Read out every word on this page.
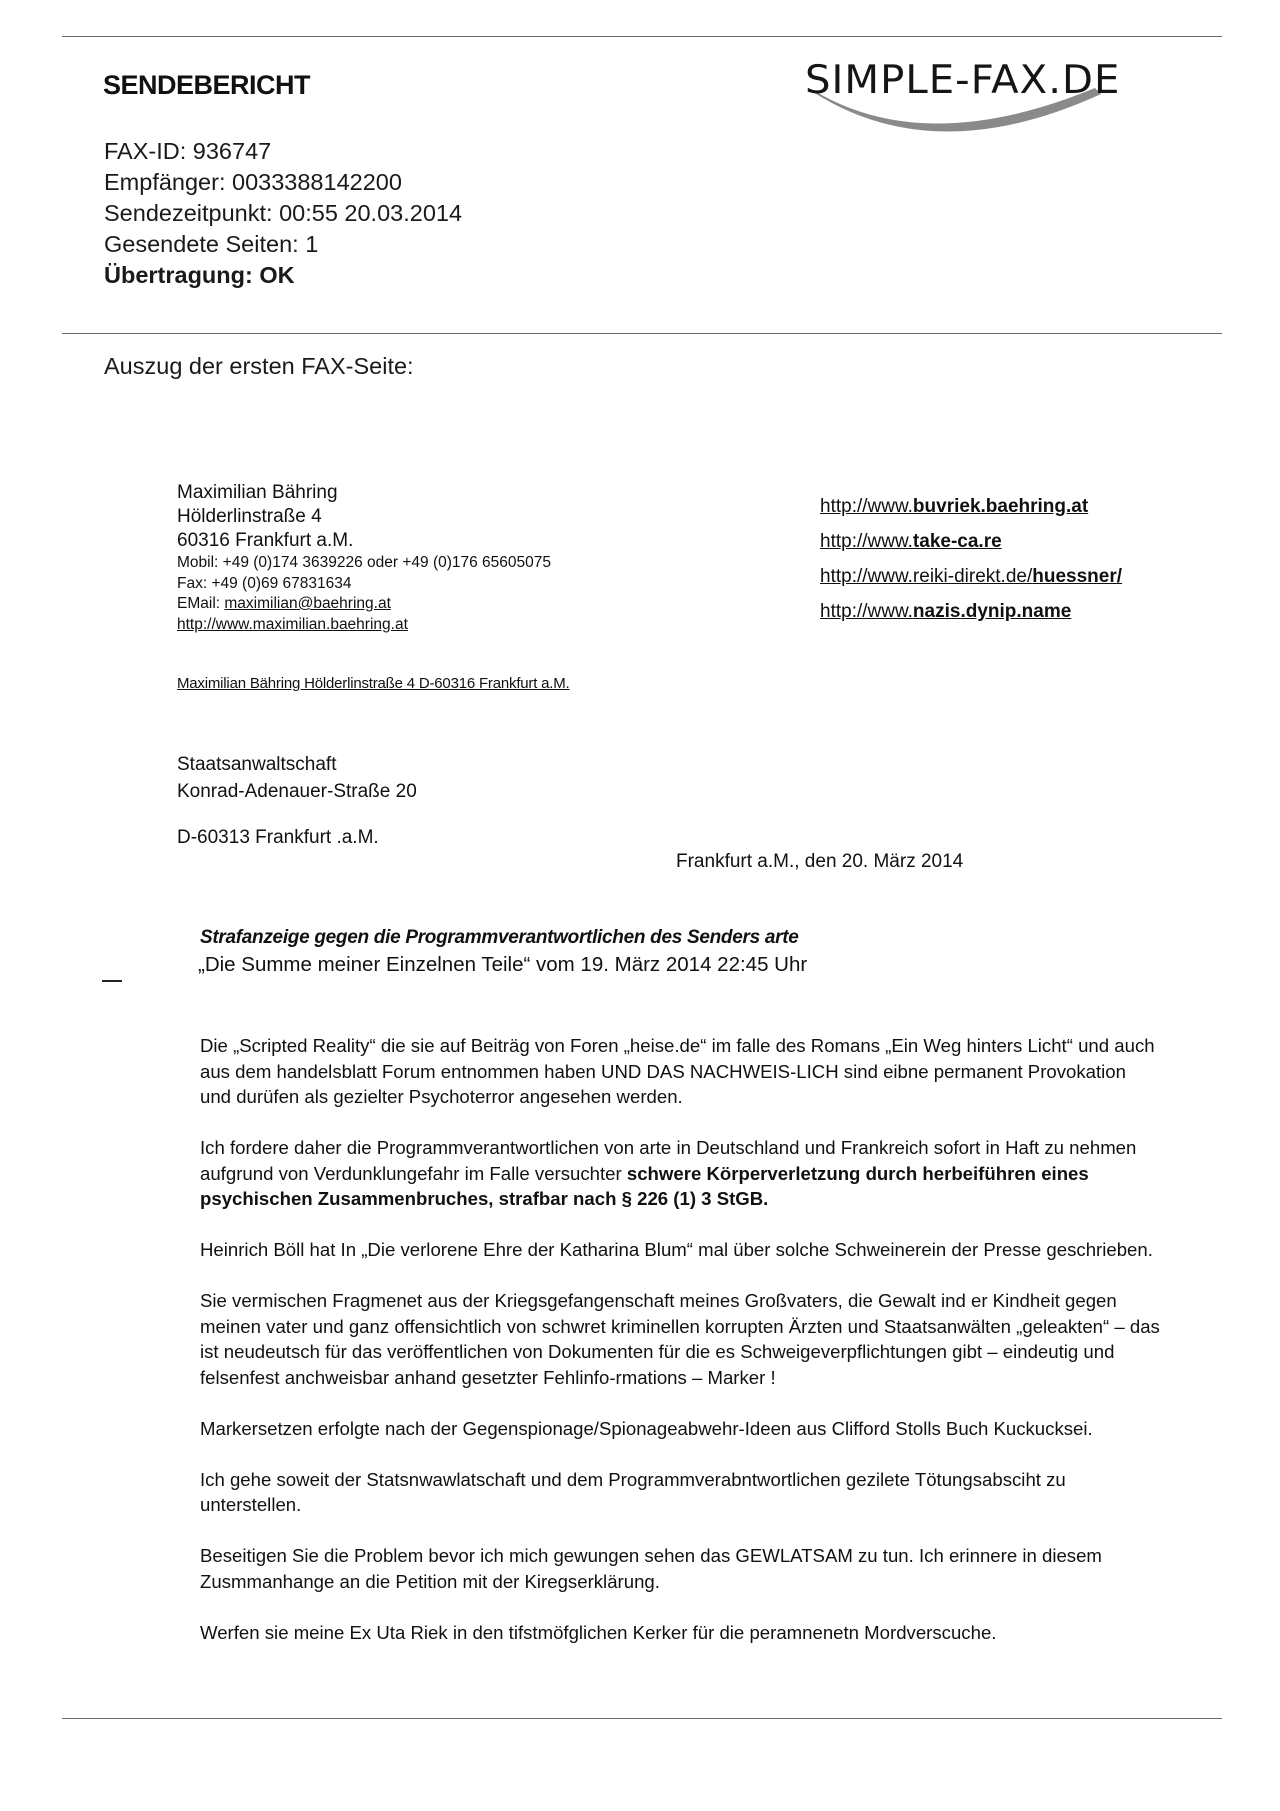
SENDEBERICHT	SIMPLE-FAX.DE
FAX-ID: 936747
Empfänger: 0033388142200
Sendezeitpunkt: 00:55 20.03.2014
Gesendete Seiten: 1
Übertragung: OK
Auszug der ersten FAX-Seite:
Maximilian Bähring
Hölderlinstraße 4
60316 Frankfurt a.M.
Mobil: +49 (0)174 3639226 oder +49 (0)176 65605075
Fax: +49 (0)69 67831634
EMail: maximilian@baehring.at
http://www.maximilian.baehring.at
http://www.buvriek.baehring.at
http://www.take-ca.re
http://www.reiki-direkt.de/huessner/
http://www.nazis.dynip.name
Maximilian Bähring Hölderlinstraße 4 D-60316 Frankfurt a.M.
Staatsanwaltschaft
Konrad-Adenauer-Straße 20
D-60313 Frankfurt .a.M.
Frankfurt a.M., den 20. März 2014
Strafanzeige gegen die Programmverantwortlichen des Senders arte
„Die Summe meiner Einzelnen Teile“ vom 19. März 2014 22:45 Uhr

Die „Scripted Reality“ die sie auf Beiträg von Foren „heise.de“ im falle des Romans „Ein Weg hinters Licht“ und auch aus dem handelsblatt Forum entnommen haben UND DAS NACHWEIS-LICH sind eibne permanent Provokation und durüfen als gezielter Psychoterror angesehen werden.

Ich fordere daher die Programmverantwortlichen von arte in Deutschland und Frankreich sofort in Haft zu nehmen aufgrund von Verdunklungefahr im Falle versuchter schwere Körperverletzung durch herbeiführen eines psychischen Zusammenbruches, strafbar nach § 226 (1) 3 StGB.

Heinrich Böll hat In „Die verlorene Ehre der Katharina Blum“ mal über solche Schweinerein der Presse geschrieben.

Sie vermischen Fragmenet aus der Kriegsgefangenschaft meines Großvaters, die Gewalt ind er Kindheit gegen meinen vater und ganz offensichtlich von schwret kriminellen korrupten Ärzten und Staatsanwälten „geleakten“ – das ist neudeutsch für das veröffentlichen von Dokumenten für die es Schweigeverpflichtungen gibt – eindeutig und felsenfest anchweisbar anhand gesetzter Fehlinfo-rmations – Marker !

Markersetzen erfolgte nach der Gegenspionage/Spionageabwehr-Ideen aus Clifford Stolls Buch Kuckucksei.

Ich gehe soweit der Statsnwawlatschaft und dem Programmverabntwortlichen gezilete Tötungsabsciht zu unterstellen.

Beseitigen Sie die Problem bevor ich mich gewungen sehen das GEWLATSAM zu tun. Ich erinnere in diesem Zusmmanhange an die Petition mit der Kiregserklärung.

Werfen sie meine Ex Uta Riek in den tifstmöfglichen Kerker für die peramnenetn Mordverscuche.
